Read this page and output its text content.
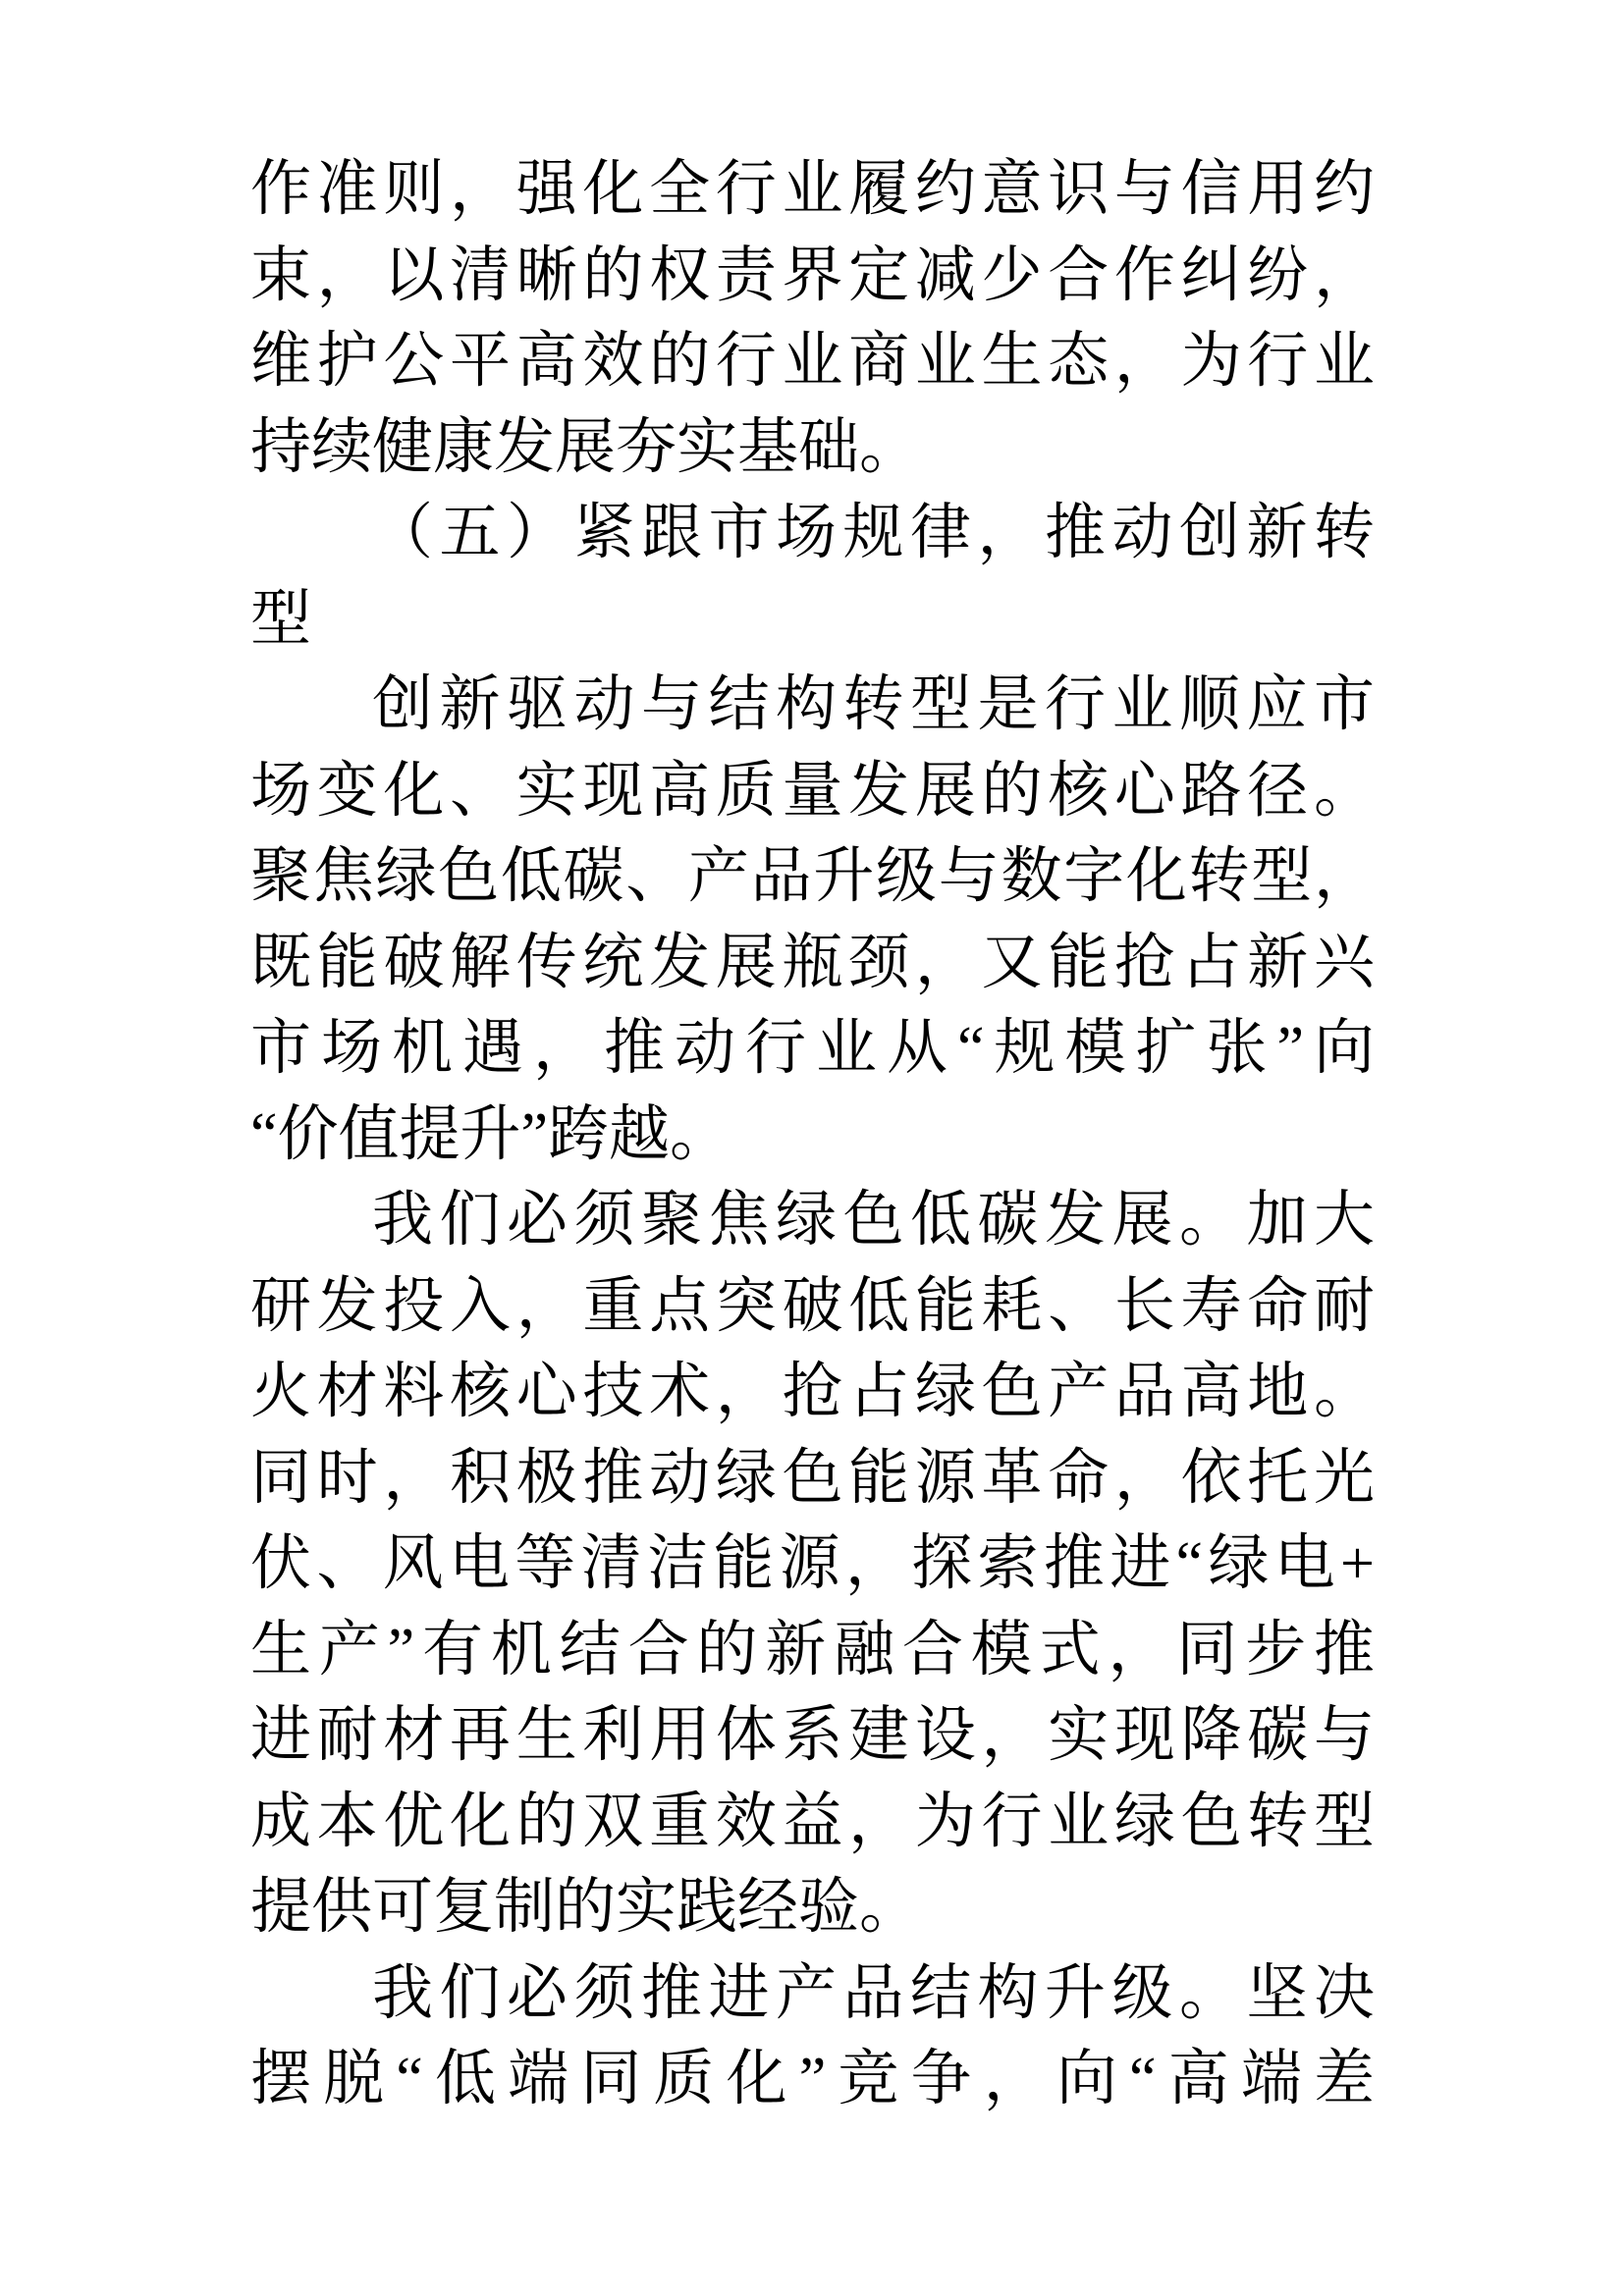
作准则，强化全行业履约意识与信用约
束，以清晰的权责界定减少合作纠纷，
维护公平高效的行业商业生态，为行业
持续健康发展夯实基础。
（五）紧跟市场规律，推动创新转
型
创新驱动与结构转型是行业顺应市
场变化、实现高质量发展的核心路径。
聚焦绿色低碳、产品升级与数字化转型，
既能破解传统发展瓶颈，又能抢占新兴
市场机遇，推动行业从“规模扩张”向
“价值提升”跨越。
我们必须聚焦绿色低碳发展。加大
研发投入，重点突破低能耗、长寿命耐
火材料核心技术，抢占绿色产品高地。
同时，积极推动绿色能源革命，依托光
伏、风电等清洁能源，探索推进“绿电+
生产”有机结合的新融合模式，同步推
进耐材再生利用体系建设，实现降碳与
成本优化的双重效益，为行业绿色转型
提供可复制的实践经验。
我们必须推进产品结构升级。坚决
摆脱“低端同质化”竞争，向“高端差
